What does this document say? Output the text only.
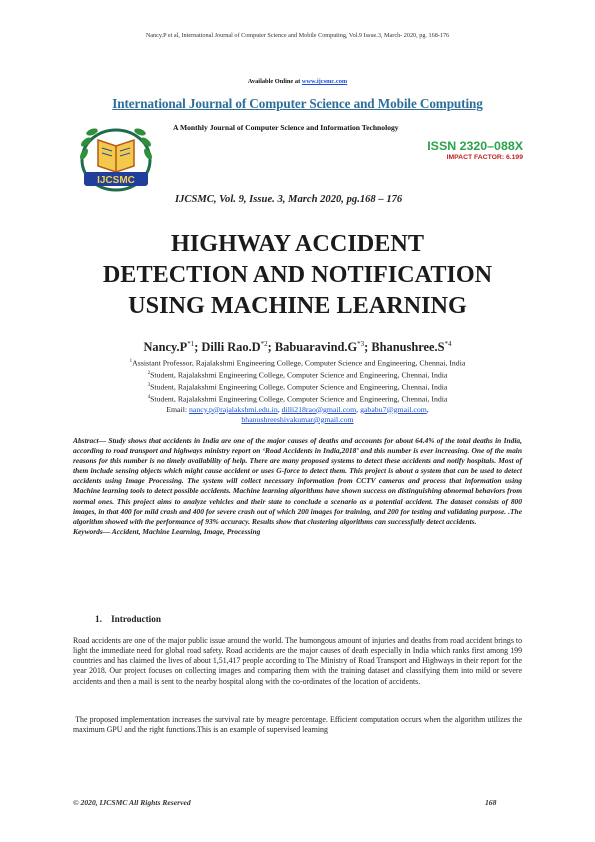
Nancy.P et al, International Journal of Computer Science and Mobile Computing, Vol.9 Issue.3, March- 2020, pg. 168-176
Available Online at www.ijcsmc.com
International Journal of Computer Science and Mobile Computing
IJCSMC
A Monthly Journal of Computer Science and Information Technology
ISSN 2320–088X
IMPACT FACTOR: 6.199
IJCSMC, Vol. 9, Issue. 3, March 2020, pg.168 – 176
HIGHWAY ACCIDENT
DETECTION AND NOTIFICATION
USING MACHINE LEARNING
$Nancy.P^{*1}$; Dilli $Rao.D^{*2}$; $Babuaravind.G^{*3}$; $Bhanushree.S^{*4}$
$^1$Assistant Professor, Rajalakshmi Engineering College, Computer Science and Engineering, Chennai, India
$^2$Student, Rajalakshmi Engineering College, Computer Science and Engineering, Chennai, India
$^3$Student, Rajalakshmi Engineering College, Computer Science and Engineering, Chennai, India
$^4$Student, Rajalakshmi Engineering College, Computer Science and Engineering, Chennai, India
Email: nancy.p@rajalakshmi.edu.in, dilli218rao@gmail.com, gababu7@gmail.com,
bhanushreeshivakumar@gmail.com
Abstract— Study shows that accidents in India are one of the major causes of deaths and accounts for about 64.4% of the total deaths in India, according to road transport and highways ministry report on ‘Road Accidents in India,2018’ and this number is ever increasing. One of the main reasons for this number is no timely availability of help. There are many proposed systems to detect these accidents and notify hospitals. Most of them include sensing objects which might cause accident or uses G-force to detect them. This project is about a system that can be used to detect accidents using Image Processing. The system will collect necessary information from CCTV cameras and process that information using Machine learning tools to detect possible accidents. Machine learning algorithms have shown success on distinguishing abnormal behaviors from normal ones. This project aims to analyze vehicles and their state to conclude a scenario as a potential accident. The dataset consists of 800 images, in that 400 for mild crash and 400 for severe crash out of which 200 images for training, and 200 for testing and validating purpose. .The algorithm showed with the performance of 93% accuracy. Results show that clustering algorithms can successfully detect accidents.
Keywords— Accident, Machine Learning, Image, Processing
1.    Introduction
Road accidents are one of the major public issue around the world. The humongous amount of injuries and deaths from road accident brings to light the immediate need for global road safety. Road accidents are the major causes of death especially in India which ranks first among 199 countries and has claimed the lives of about 1,51,417 people according to The Ministry of Road Transport and Highways in their report for the year 2018. Our project focuses on collecting images and comparing them with the training dataset and classifying them into mild or severe accidents and then a mail is sent to the nearby hospital along with the co-ordinates of the location of accidents.
The proposed implementation increases the survival rate by meagre percentage. Efficient computation occurs when the algorithm utilizes the maximum GPU and the right functions.This is an example of supervised learning
© 2020, IJCSMC All Rights Reserved	168
